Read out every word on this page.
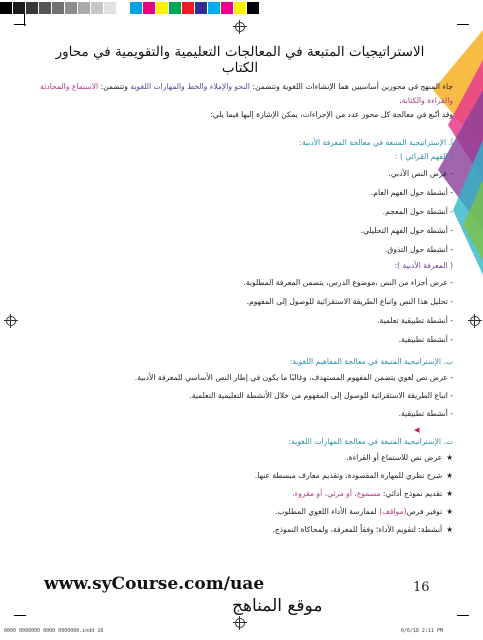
الاستراتيجيات المتبعة في المعالجات التعليمية والتقويمية في محاور الكتاب
جاء المنهج في محورين أساسيين هما الإنشاءات اللغوية وتتضمن: النحو والإملاء والخط والمهارات اللغوية وتتضمن: الاستماع والمحادثة والقراءة والكتابة.
وقد أتّبع في معالجة كل محور عدد من الإجراءات، يمكن الإشارة إليها فيما يلي:
أ. الإستراتيجية المتبعة في معالجة المعرفة الأدبية:
( الفهم القرائي ) :
- عرض النص الأدبي.
- أنشطة حول الفهم العام.
- أنشطة حول المعجم.
- أنشطة حول الفهم التحليلي.
- أنشطة حول التذوق.
( المعرفة الأدبية ):
- عرض أجزاء من النص ،موضوع الدرس، يتضمن المعرفة المطلوبة.
- تحليل هذا النص واتباع الطريقة الاستقرائية للوصول إلى المفهوم.
- أنشطة تطبيقية تعلمية.
- أنشطة تطبيقية.
ب. الإستراتيجية المتبعة في معالجة المفاهيم اللغوية:
- عرض نص لغوي يتضمن المفهوم المستهدف، وغالبًا ما يكون في إطار النص الأساسي للمعرفة الأدبية.
- اتباع الطريقة الاستقرائية للوصول إلى المفهوم من خلال الأنشطة التعليمية التعلمية.
- أنشطة تطبيقية.
ت. الإستراتيجية المتبعة في معالجة المهارات اللغوية:
★عرض نص للاستماع أو القراءة.
★شرح نظري للمهارة المقصودة، وتقديم معارف مبسطة عنها.
★تقديم نموذج أدائي: مسموع، أو مرئي، أو مقروء.
★توفير فرص(مواقف) لممارسة الأداء اللغوي المطلوب.
★أنشطة: لتقويم الأداء؛ وفقاً للمعرفة، ولمحاكاة النموذج.
◂
www.syCourse.com/uae	16
موقع المناهج
0000 0000000 0000 0000000.indd 16	6/6/18 2:11 PM
